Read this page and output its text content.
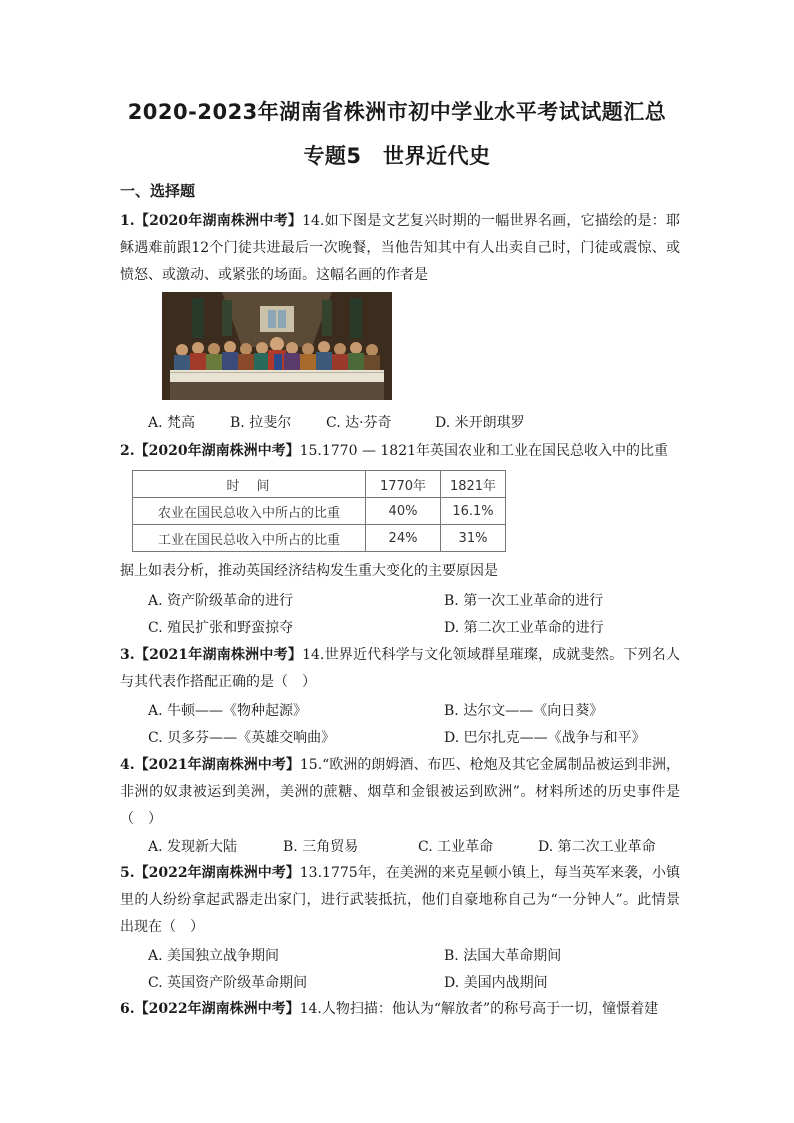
2020-2023年湖南省株洲市初中学业水平考试试题汇总
专题5　世界近代史
一、选择题
1.【2020年湖南株洲中考】14.如下图是文艺复兴时期的一幅世界名画，它描绘的是：耶稣遇难前跟12个门徒共进最后一次晚餐，当他告知其中有人出卖自己时，门徒或震惊、或愤怒、或激动、或紧张的场面。这幅名画的作者是
A. 梵高 B. 拉斐尔 C. 达·芬奇	D. 米开朗琪罗
2.【2020年湖南株洲中考】15.1770 — 1821年英国农业和工业在国民总收入中的比重
时　间	1770年	1821年
农业在国民总收入中所占的比重	40%	16.1%
工业在国民总收入中所占的比重	24%	31%
据上如表分析，推动英国经济结构发生重大变化的主要原因是
A. 资产阶级革命的进行	B. 第一次工业革命的进行
C. 殖民扩张和野蛮掠夺	D. 第二次工业革命的进行
3.【2021年湖南株洲中考】14.世界近代科学与文化领域群星璀璨，成就斐然。下列名人与其代表作搭配正确的是（　）
A. 牛顿——《物种起源》	B. 达尔文——《向日葵》
C. 贝多芬——《英雄交响曲》	D. 巴尔扎克——《战争与和平》
4.【2021年湖南株洲中考】15.“欧洲的朗姆酒、布匹、枪炮及其它金属制品被运到非洲，非洲的奴隶被运到美洲，美洲的蔗糖、烟草和金银被运到欧洲”。材料所述的历史事件是（　）
A. 发现新大陆	B. 三角贸易	C. 工业革命	D. 第二次工业革命
5.【2022年湖南株洲中考】13.1775年，在美洲的来克星顿小镇上，每当英军来袭，小镇里的人纷纷拿起武器走出家门，进行武装抵抗，他们自豪地称自己为“一分钟人”。此情景出现在（　）
A. 美国独立战争期间	B. 法国大革命期间
C. 英国资产阶级革命期间	D. 美国内战期间
6.【2022年湖南株洲中考】14.人物扫描：他认为“解放者”的称号高于一切，憧憬着建
